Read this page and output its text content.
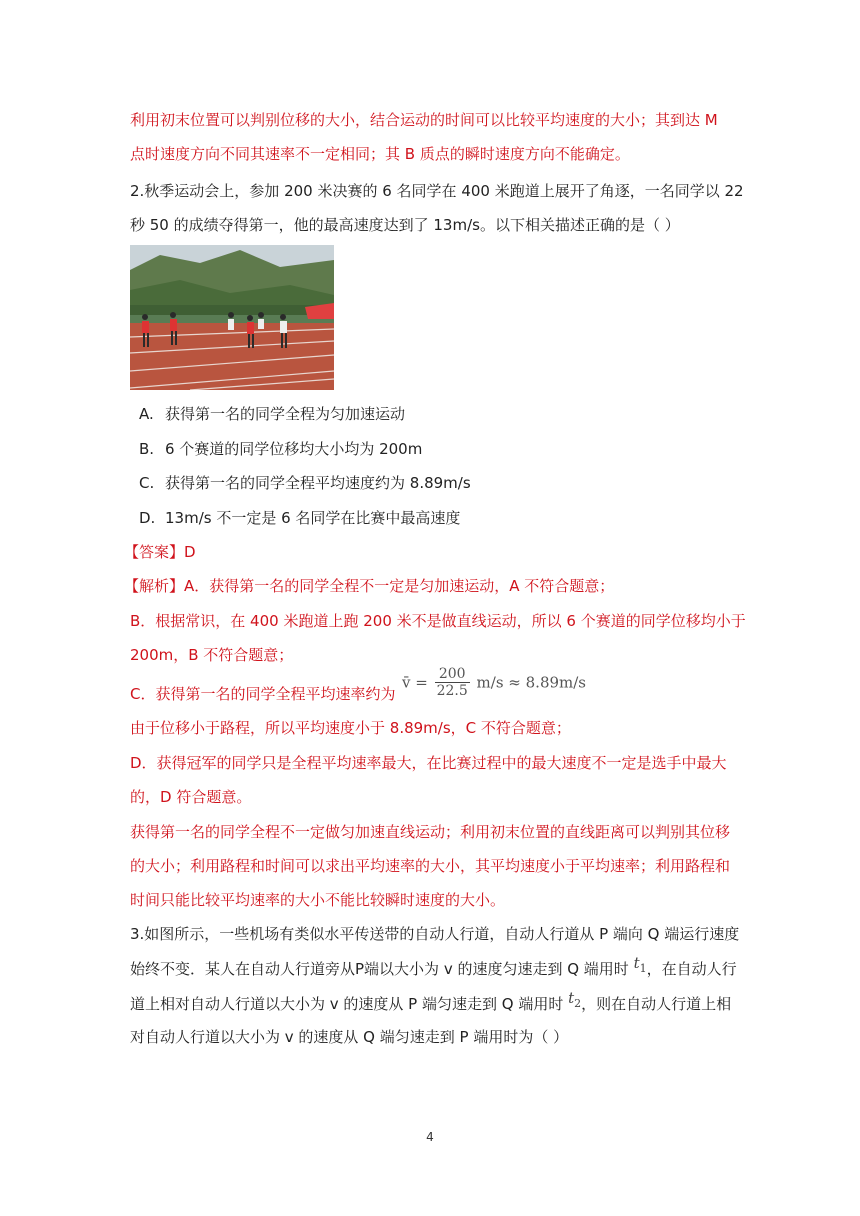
利用初末位置可以判别位移的大小，结合运动的时间可以比较平均速度的大小；其到达 M
点时速度方向不同其速率不一定相同；其 B 质点的瞬时速度方向不能确定。
2.秋季运动会上，参加 200 米决赛的 6 名同学在 400 米跑道上展开了角逐，一名同学以 22
秒 50 的成绩夺得第一，他的最高速度达到了 13m/s。以下相关描述正确的是（ ）
A. 获得第一名的同学全程为匀加速运动
B. 6 个赛道的同学位移均大小均为 200m
C. 获得第一名的同学全程平均速度约为 8.89m/s
D. 13m/s 不一定是 6 名同学在比赛中最高速度
【答案】D
【解析】A．获得第一名的同学全程不一定是匀加速运动，A 不符合题意；
B．根据常识，在 400 米跑道上跑 200 米不是做直线运动，所以 6 个赛道的同学位移均小于
200m，B 不符合题意；
C．获得第一名的同学全程平均速率约为
v̄ = $\frac{200}{22.5} m/s \approx 8.89m/s$
由于位移小于路程，所以平均速度小于 8.89m/s，C 不符合题意；
D．获得冠军的同学只是全程平均速率最大，在比赛过程中的最大速度不一定是选手中最大
的，D 符合题意。
获得第一名的同学全程不一定做匀加速直线运动；利用初末位置的直线距离可以判别其位移
的大小；利用路程和时间可以求出平均速率的大小，其平均速度小于平均速率；利用路程和
时间只能比较平均速率的大小不能比较瞬时速度的大小。
3.如图所示，一些机场有类似水平传送带的自动人行道，自动人行道从 P 端向 Q 端运行速度
始终不变．某人在自动人行道旁从P端以大小为 v 的速度匀速走到 Q 端用时 $t_1$，在自动人行
道上相对自动人行道以大小为 v 的速度从 P 端匀速走到 Q 端用时 $t_2$，则在自动人行道上相
对自动人行道以大小为 v 的速度从 Q 端匀速走到 P 端用时为（ ）
4
